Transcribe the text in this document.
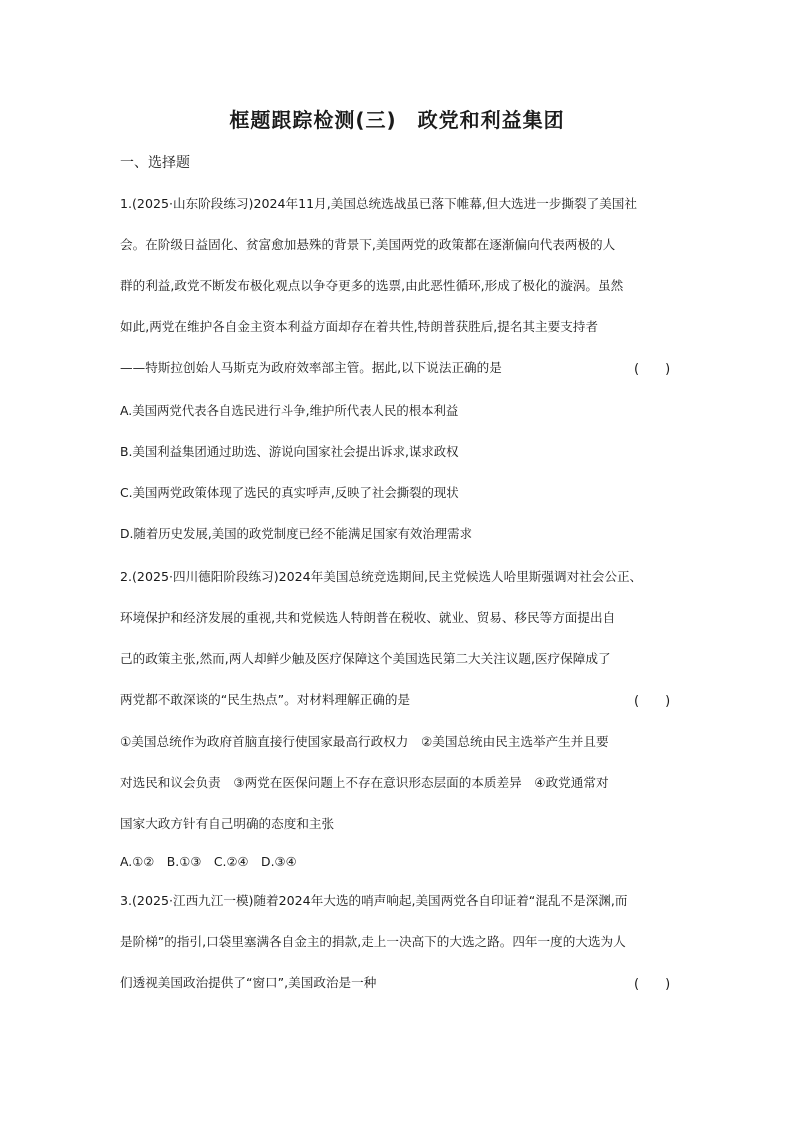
框题跟踪检测(三)　政党和利益集团
一、选择题
1.(2025·山东阶段练习)2024年11月,美国总统选战虽已落下帷幕,但大选进一步撕裂了美国社
会。在阶级日益固化、贫富愈加悬殊的背景下,美国两党的政策都在逐渐偏向代表两极的人
群的利益,政党不断发布极化观点以争夺更多的选票,由此恶性循环,形成了极化的漩涡。虽然
如此,两党在维护各自金主资本利益方面却存在着共性,特朗普获胜后,提名其主要支持者
——特斯拉创始人马斯克为政府效率部主管。据此,以下说法正确的是	(　　)
A.美国两党代表各自选民进行斗争,维护所代表人民的根本利益
B.美国利益集团通过助选、游说向国家社会提出诉求,谋求政权
C.美国两党政策体现了选民的真实呼声,反映了社会撕裂的现状
D.随着历史发展,美国的政党制度已经不能满足国家有效治理需求
2.(2025·四川德阳阶段练习)2024年美国总统竞选期间,民主党候选人哈里斯强调对社会公正、
环境保护和经济发展的重视,共和党候选人特朗普在税收、就业、贸易、移民等方面提出自
己的政策主张,然而,两人却鲜少触及医疗保障这个美国选民第二大关注议题,医疗保障成了
两党都不敢深谈的“民生热点”。对材料理解正确的是	(　　)
①美国总统作为政府首脑直接行使国家最高行政权力　②美国总统由民主选举产生并且要
对选民和议会负责　③两党在医保问题上不存在意识形态层面的本质差异　④政党通常对
国家大政方针有自己明确的态度和主张
A.①②　B.①③　C.②④　D.③④
3.(2025·江西九江一模)随着2024年大选的哨声响起,美国两党各自印证着“混乱不是深渊,而
是阶梯”的指引,口袋里塞满各自金主的捐款,走上一决高下的大选之路。四年一度的大选为人
们透视美国政治提供了“窗口”,美国政治是一种	(　　)
